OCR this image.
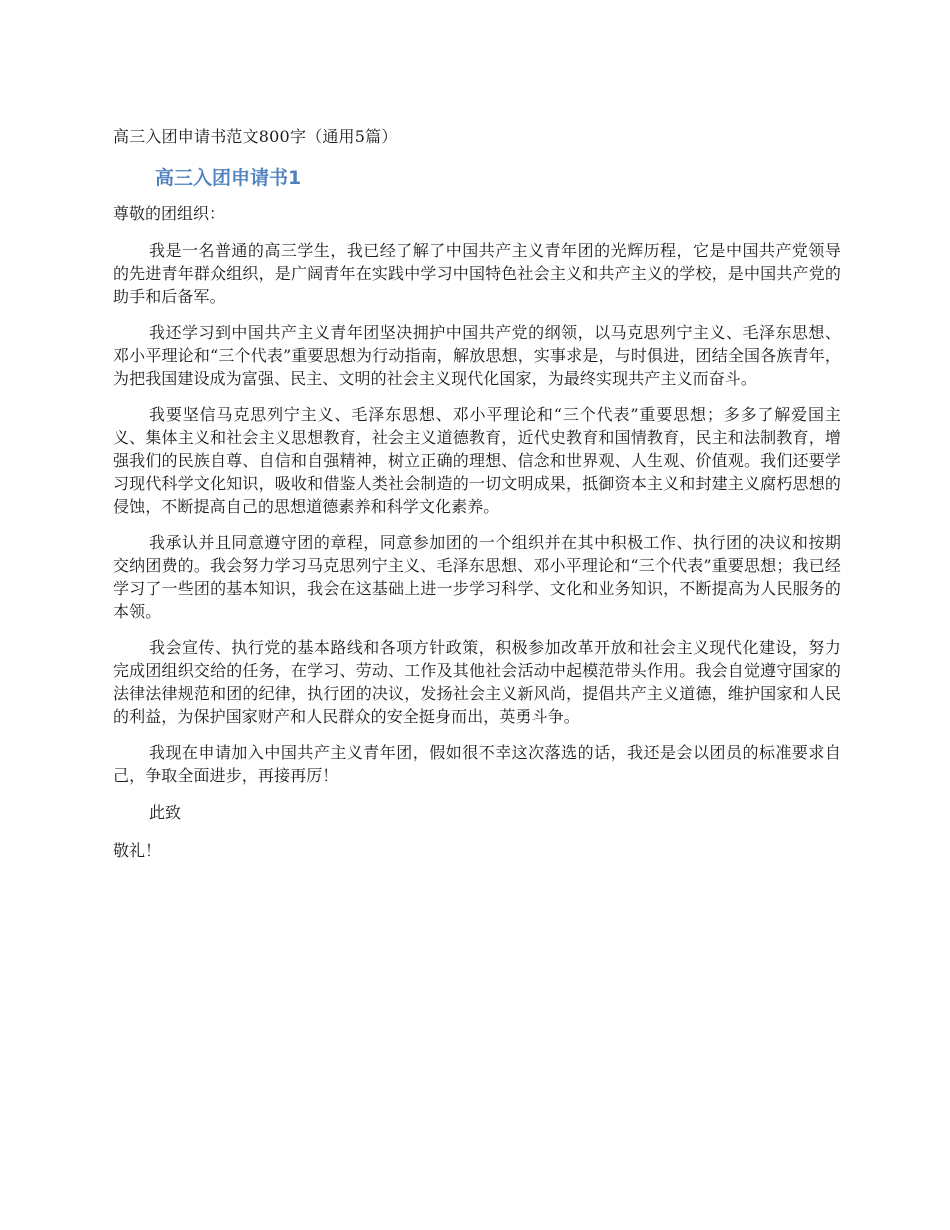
高三入团申请书范文800字（通用5篇）

高三入团申请书1

尊敬的团组织：

我是一名普通的高三学生，我已经了解了中国共产主义青年团的光辉历程，它是中国共产党领导的先进青年群众组织，是广阔青年在实践中学习中国特色社会主义和共产主义的学校，是中国共产党的助手和后备军。

我还学习到中国共产主义青年团坚决拥护中国共产党的纲领，以马克思列宁主义、毛泽东思想、邓小平理论和“三个代表”重要思想为行动指南，解放思想，实事求是，与时俱进，团结全国各族青年，为把我国建设成为富强、民主、文明的社会主义现代化国家，为最终实现共产主义而奋斗。

我要坚信马克思列宁主义、毛泽东思想、邓小平理论和“三个代表”重要思想；多多了解爱国主义、集体主义和社会主义思想教育，社会主义道德教育，近代史教育和国情教育，民主和法制教育，增强我们的民族自尊、自信和自强精神，树立正确的理想、信念和世界观、人生观、价值观。我们还要学习现代科学文化知识，吸收和借鉴人类社会制造的一切文明成果，抵御资本主义和封建主义腐朽思想的侵蚀，不断提高自己的思想道德素养和科学文化素养。

我承认并且同意遵守团的章程，同意参加团的一个组织并在其中积极工作、执行团的决议和按期交纳团费的。我会努力学习马克思列宁主义、毛泽东思想、邓小平理论和“三个代表”重要思想；我已经学习了一些团的基本知识，我会在这基础上进一步学习科学、文化和业务知识，不断提高为人民服务的本领。

我会宣传、执行党的基本路线和各项方针政策，积极参加改革开放和社会主义现代化建设，努力完成团组织交给的任务，在学习、劳动、工作及其他社会活动中起模范带头作用。我会自觉遵守国家的法律法律规范和团的纪律，执行团的决议，发扬社会主义新风尚，提倡共产主义道德，维护国家和人民的利益，为保护国家财产和人民群众的安全挺身而出，英勇斗争。

我现在申请加入中国共产主义青年团，假如很不幸这次落选的话，我还是会以团员的标准要求自己，争取全面进步，再接再厉！

此致

敬礼！
